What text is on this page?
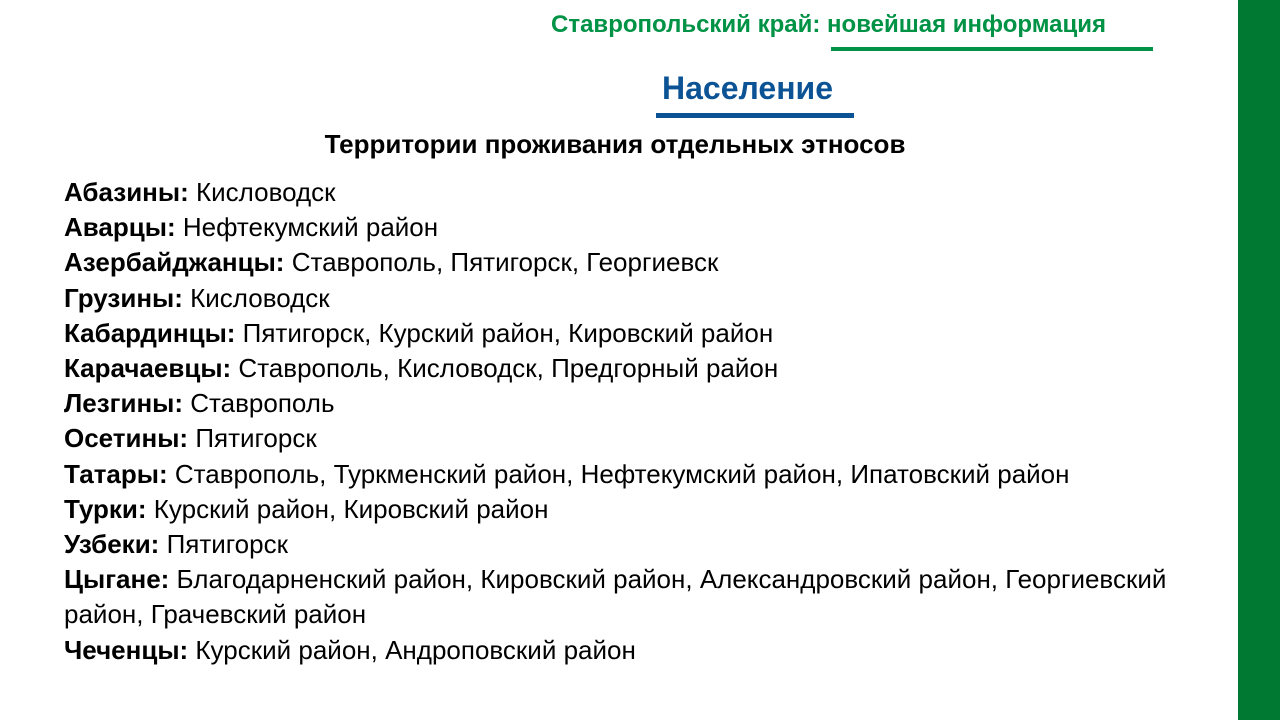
Ставропольский край: новейшая информация
Население
Территории проживания отдельных этносов
Абазины: Кисловодск
Аварцы: Нефтекумский район
Азербайджанцы: Ставрополь, Пятигорск, Георгиевск
Грузины: Кисловодск
Кабардинцы: Пятигорск, Курский район, Кировский район
Карачаевцы: Ставрополь, Кисловодск, Предгорный район
Лезгины: Ставрополь
Осетины: Пятигорск
Татары: Ставрополь, Туркменский район, Нефтекумский район, Ипатовский район
Турки: Курский район, Кировский район
Узбеки: Пятигорск
Цыгане: Благодарненский район, Кировский район, Александровский район, Георгиевский район, Грачевский район
Чеченцы: Курский район, Андроповский район
